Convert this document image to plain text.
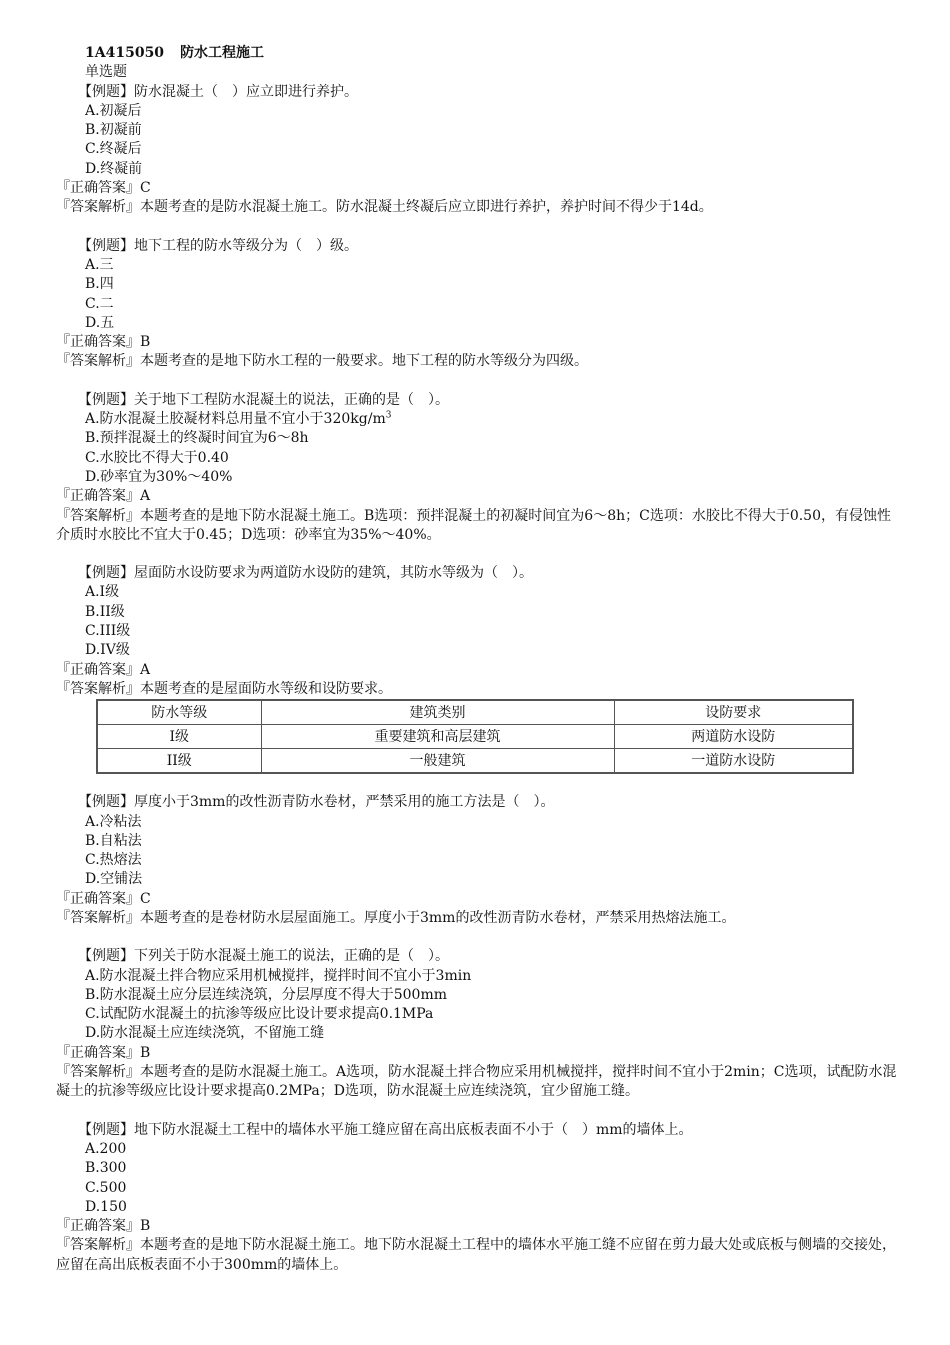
1A415050 防水工程施工
单选题
【例题】防水混凝土（　）应立即进行养护。
A.初凝后
B.初凝前
C.终凝后
D.终凝前
『正确答案』C
『答案解析』本题考查的是防水混凝土施工。防水混凝土终凝后应立即进行养护，养护时间不得少于14d。
【例题】地下工程的防水等级分为（　）级。
A.三
B.四
C.二
D.五
『正确答案』B
『答案解析』本题考查的是地下防水工程的一般要求。地下工程的防水等级分为四级。
【例题】关于地下工程防水混凝土的说法，正确的是（　）。
A.防水混凝土胶凝材料总用量不宜小于$320kg/m^3$
B.预拌混凝土的终凝时间宜为6～8h
C.水胶比不得大于0.40
D.砂率宜为30%～40%
『正确答案』A
『答案解析』本题考查的是地下防水混凝土施工。B选项：预拌混凝土的初凝时间宜为6～8h；C选项：水胶比不得大于0.50，有侵蚀性介质时水胶比不宜大于0.45；D选项：砂率宜为35%～40%。
【例题】屋面防水设防要求为两道防水设防的建筑，其防水等级为（　）。
A.I级
B.II级
C.III级
D.IV级
『正确答案』A
『答案解析』本题考查的是屋面防水等级和设防要求。
防水等级	建筑类别	设防要求
I级	重要建筑和高层建筑	两道防水设防
II级	一般建筑	一道防水设防
【例题】厚度小于3mm的改性沥青防水卷材，严禁采用的施工方法是（　）。
A.冷粘法
B.自粘法
C.热熔法
D.空铺法
『正确答案』C
『答案解析』本题考查的是卷材防水层屋面施工。厚度小于3mm的改性沥青防水卷材，严禁采用热熔法施工。
【例题】下列关于防水混凝土施工的说法，正确的是（　）。
A.防水混凝土拌合物应采用机械搅拌，搅拌时间不宜小于3min
B.防水混凝土应分层连续浇筑，分层厚度不得大于500mm
C.试配防水混凝土的抗渗等级应比设计要求提高0.1MPa
D.防水混凝土应连续浇筑，不留施工缝
『正确答案』B
『答案解析』本题考查的是防水混凝土施工。A选项，防水混凝土拌合物应采用机械搅拌，搅拌时间不宜小于2min；C选项，试配防水混凝土的抗渗等级应比设计要求提高0.2MPa；D选项，防水混凝土应连续浇筑，宜少留施工缝。
【例题】地下防水混凝土工程中的墙体水平施工缝应留在高出底板表面不小于（　）mm的墙体上。
A.200
B.300
C.500
D.150
『正确答案』B
『答案解析』本题考查的是地下防水混凝土施工。地下防水混凝土工程中的墙体水平施工缝不应留在剪力最大处或底板与侧墙的交接处，应留在高出底板表面不小于300mm的墙体上。
